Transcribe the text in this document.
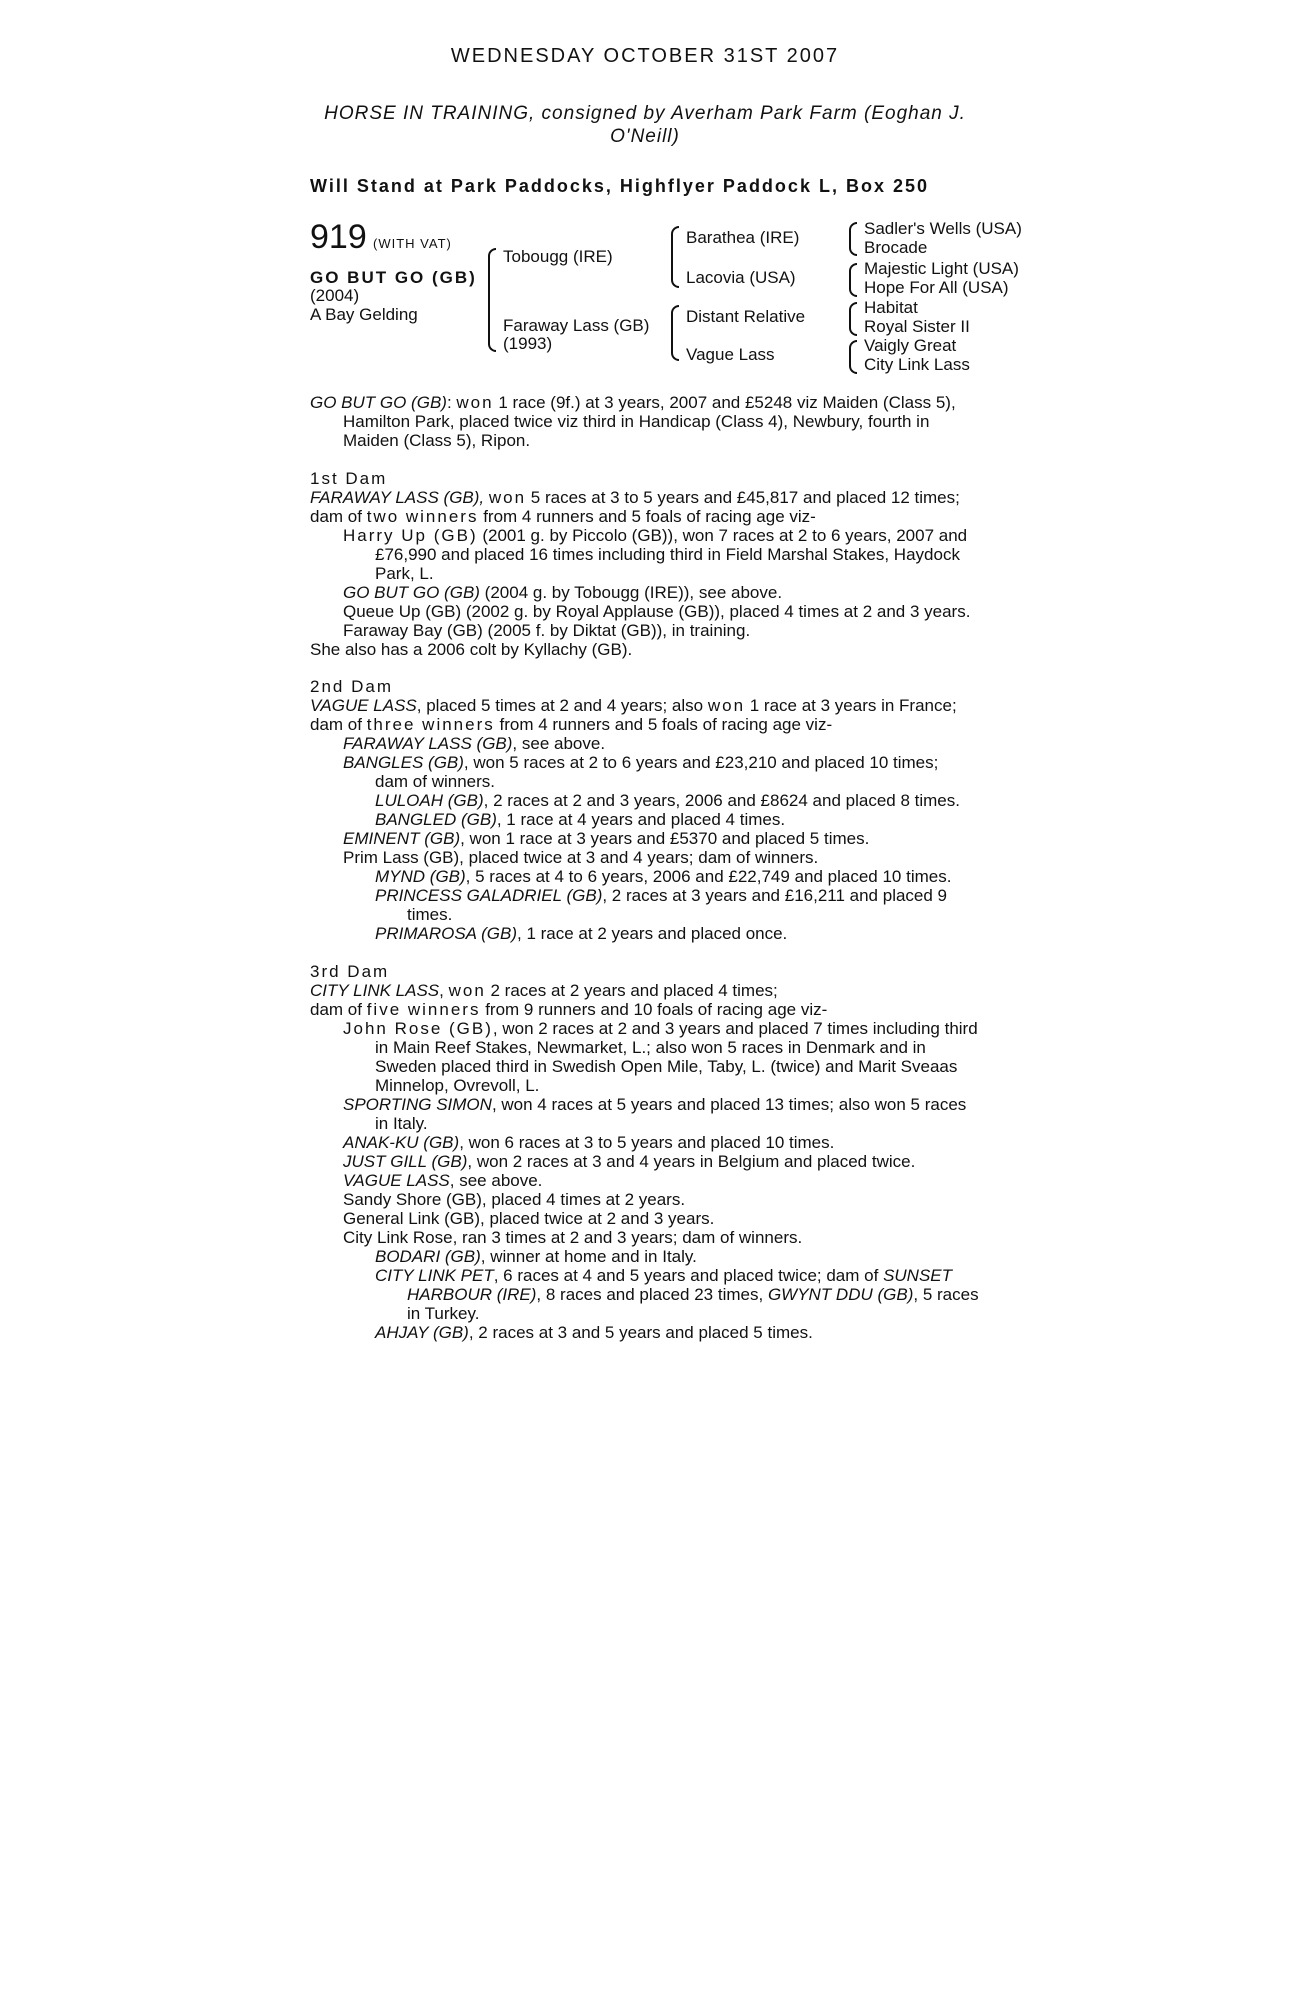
WEDNESDAY OCTOBER 31ST 2007
HORSE IN TRAINING, consigned by Averham Park Farm (Eoghan J.
O'Neill)
Will Stand at Park Paddocks, Highflyer Paddock L, Box 250
919 (WITH VAT)
GO BUT GO (GB)
(2004)
A Bay Gelding
Tobougg (IRE)
Faraway Lass (GB)
(1993)
Barathea (IRE)
Lacovia (USA)
Distant Relative
Vague Lass
Sadler's Wells (USA)
Brocade
Majestic Light (USA)
Hope For All (USA)
Habitat
Royal Sister II
Vaigly Great
City Link Lass
GO BUT GO (GB): won 1 race (9f.) at 3 years, 2007 and £5248 viz Maiden (Class 5),
Hamilton Park, placed twice viz third in Handicap (Class 4), Newbury, fourth in
Maiden (Class 5), Ripon.
1st Dam
FARAWAY LASS (GB), won 5 races at 3 to 5 years and £45,817 and placed 12 times;
dam of two winners from 4 runners and 5 foals of racing age viz-
Harry Up (GB) (2001 g. by Piccolo (GB)), won 7 races at 2 to 6 years, 2007 and
£76,990 and placed 16 times including third in Field Marshal Stakes, Haydock
Park, L.
GO BUT GO (GB) (2004 g. by Tobougg (IRE)), see above.
Queue Up (GB) (2002 g. by Royal Applause (GB)), placed 4 times at 2 and 3 years.
Faraway Bay (GB) (2005 f. by Diktat (GB)), in training.
She also has a 2006 colt by Kyllachy (GB).
2nd Dam
VAGUE LASS, placed 5 times at 2 and 4 years; also won 1 race at 3 years in France;
dam of three winners from 4 runners and 5 foals of racing age viz-
FARAWAY LASS (GB), see above.
BANGLES (GB), won 5 races at 2 to 6 years and £23,210 and placed 10 times;
dam of winners.
LULOAH (GB), 2 races at 2 and 3 years, 2006 and £8624 and placed 8 times.
BANGLED (GB), 1 race at 4 years and placed 4 times.
EMINENT (GB), won 1 race at 3 years and £5370 and placed 5 times.
Prim Lass (GB), placed twice at 3 and 4 years; dam of winners.
MYND (GB), 5 races at 4 to 6 years, 2006 and £22,749 and placed 10 times.
PRINCESS GALADRIEL (GB), 2 races at 3 years and £16,211 and placed 9
times.
PRIMAROSA (GB), 1 race at 2 years and placed once.
3rd Dam
CITY LINK LASS, won 2 races at 2 years and placed 4 times;
dam of five winners from 9 runners and 10 foals of racing age viz-
John Rose (GB), won 2 races at 2 and 3 years and placed 7 times including third
in Main Reef Stakes, Newmarket, L.; also won 5 races in Denmark and in
Sweden placed third in Swedish Open Mile, Taby, L. (twice) and Marit Sveaas
Minnelop, Ovrevoll, L.
SPORTING SIMON, won 4 races at 5 years and placed 13 times; also won 5 races
in Italy.
ANAK-KU (GB), won 6 races at 3 to 5 years and placed 10 times.
JUST GILL (GB), won 2 races at 3 and 4 years in Belgium and placed twice.
VAGUE LASS, see above.
Sandy Shore (GB), placed 4 times at 2 years.
General Link (GB), placed twice at 2 and 3 years.
City Link Rose, ran 3 times at 2 and 3 years; dam of winners.
BODARI (GB), winner at home and in Italy.
CITY LINK PET, 6 races at 4 and 5 years and placed twice; dam of SUNSET
HARBOUR (IRE), 8 races and placed 23 times, GWYNT DDU (GB), 5 races
in Turkey.
AHJAY (GB), 2 races at 3 and 5 years and placed 5 times.
